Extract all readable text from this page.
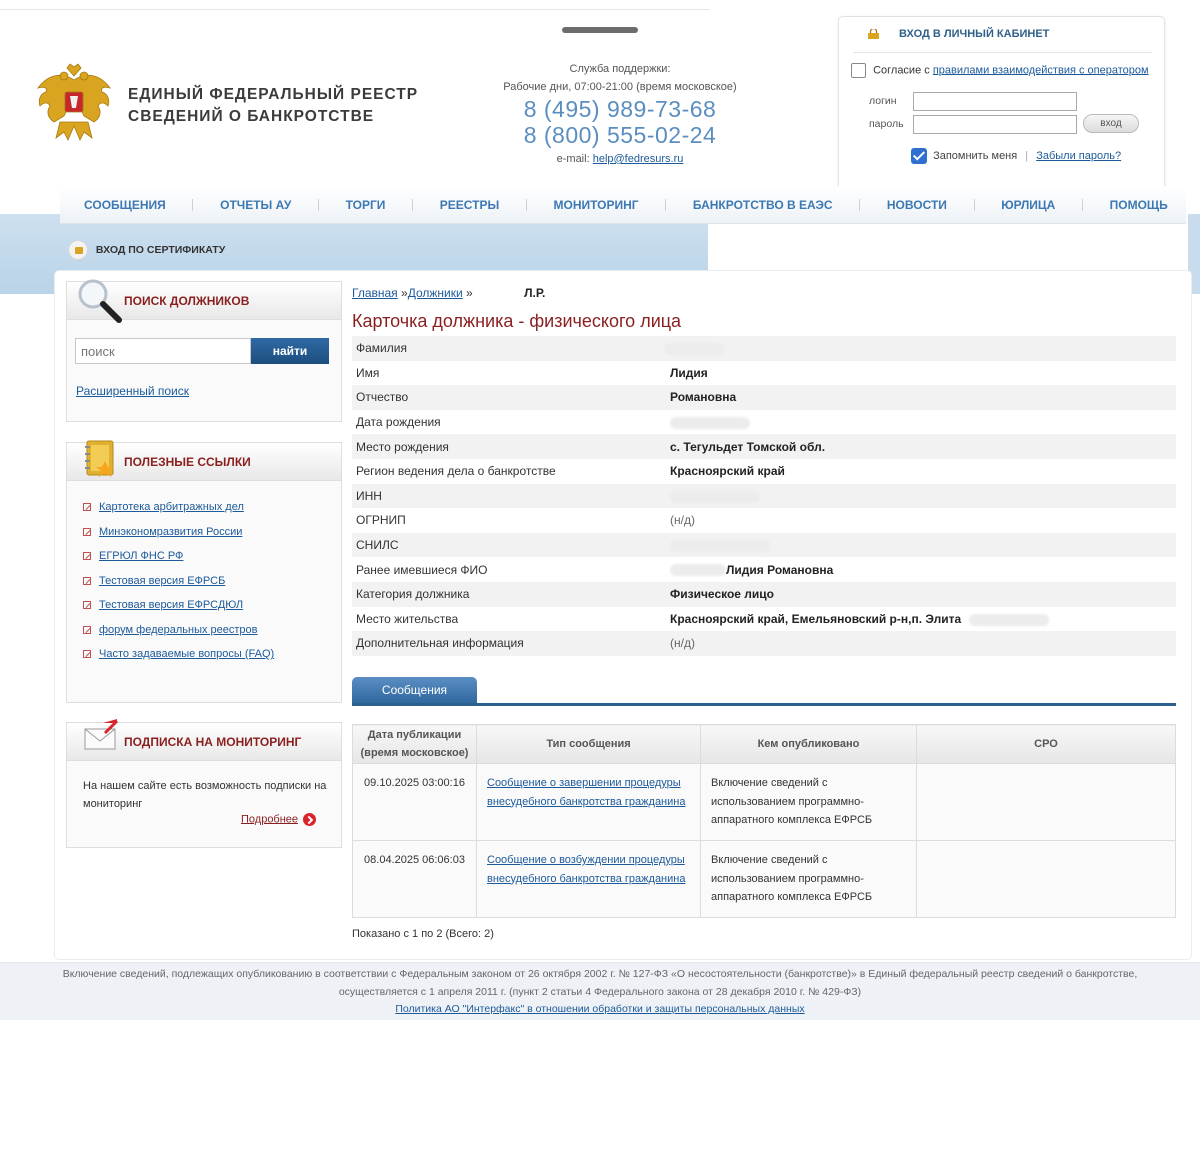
ЕДИНЫЙ ФЕДЕРАЛЬНЫЙ РЕЕСТР
СВЕДЕНИЙ О БАНКРОТСТВЕ
Служба поддержки:
Рабочие дни, 07:00-21:00 (время московское)
8 (495) 989-73-68
8 (800) 555-02-24
e-mail: help@fedresurs.ru
ВХОД В ЛИЧНЫЙ КАБИНЕТ
Согласие с правилами взаимодействия с оператором
логин
пароль	вход
Запомнить меня | Забыли пароль?
СООБЩЕНИЯ	ОТЧЕТЫ АУ	ТОРГИ	РЕЕСТРЫ	МОНИТОРИНГ	БАНКРОТСТВО В ЕАЭС	НОВОСТИ	ЮРЛИЦА	ПОМОЩЬ
ВХОД ПО СЕРТИФИКАТУ
ПОИСК ДОЛЖНИКОВ
поиск
найти
Расширенный поиск
ПОЛЕЗНЫЕ ССЫЛКИ
Картотека арбитражных дел
Минэкономразвития России
ЕГРЮЛ ФНС РФ
Тестовая версия ЕФРСБ
Тестовая версия ЕФРСДЮЛ
форум федеральных реестров
Часто задаваемые вопросы (FAQ)
ПОДПИСКА НА МОНИТОРИНГ
На нашем сайте есть возможность подписки на мониторинг
Подробнее
Главная »Должники »	Л.Р.
Карточка должника - физического лица
Фамилия	
Имя	Лидия
Отчество	Романовна
Дата рождения	
Место рождения	с. Тегульдет Томской обл.
Регион ведения дела о банкротстве	Красноярский край
ИНН	
ОГРНИП	(н/д)
СНИЛС	
Ранее имевшиеся ФИО	Лидия Романовна
Категория должника	Физическое лицо
Место жительства	Красноярский край, Емельяновский р-н,п. Элита
Дополнительная информация	(н/д)
Сообщения
Дата публикации (время московское)	Тип сообщения	Кем опубликовано	СРО
09.10.2025 03:00:16	Сообщение о завершении процедуры внесудебного банкротства гражданина	Включение сведений с использованием программно-аппаратного комплекса ЕФРСБ	
08.04.2025 06:06:03	Сообщение о возбуждении процедуры внесудебного банкротства гражданина	Включение сведений с использованием программно-аппаратного комплекса ЕФРСБ	
Показано с 1 по 2 (Всего: 2)
Включение сведений, подлежащих опубликованию в соответствии с Федеральным законом от 26 октября 2002 г. № 127-ФЗ «О несостоятельности (банкротстве)» в Единый федеральный реестр сведений о банкротстве,
осуществляется с 1 апреля 2011 г. (пункт 2 статьи 4 Федерального закона от 28 декабря 2010 г. № 429-ФЗ)
Политика АО "Интерфакс" в отношении обработки и защиты персональных данных
